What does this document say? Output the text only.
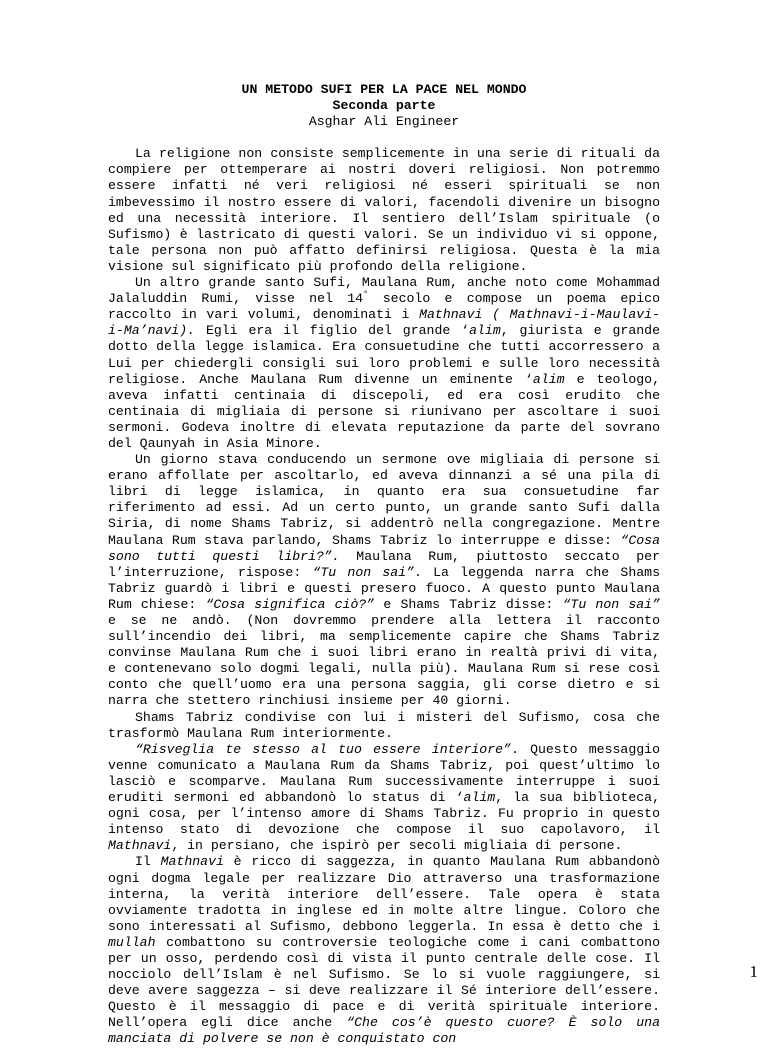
UN METODO SUFI PER LA PACE NEL MONDO
Seconda parte
Asghar Ali Engineer

La religione non consiste semplicemente in una serie di rituali da compiere per ottemperare ai nostri doveri religiosi. Non potremmo essere infatti né veri religiosi né esseri spirituali se non imbevessimo il nostro essere di valori, facendoli divenire un bisogno ed una necessità interiore. Il sentiero dell’Islam spirituale (o Sufismo) è lastricato di questi valori. Se un individuo vi si oppone, tale persona non può affatto definirsi religiosa. Questa è la mia visione sul significato più profondo della religione.

Un altro grande santo Sufi, Maulana Rum, anche noto come Mohammad Jalaluddin Rumi, visse nel 14° secolo e compose un poema epico raccolto in vari volumi, denominati i Mathnavi ( Mathnavi-i-Maulavi-i-Ma’navi). Egli era il figlio del grande ‘alim, giurista e grande dotto della legge islamica. Era consuetudine che tutti accorressero a Lui per chiedergli consigli sui loro problemi e sulle loro necessità religiose. Anche Maulana Rum divenne un eminente ‘alim e teologo, aveva infatti centinaia di discepoli, ed era così erudito che centinaia di migliaia di persone si riunivano per ascoltare i suoi sermoni. Godeva inoltre di elevata reputazione da parte del sovrano del Qaunyah in Asia Minore.

Un giorno stava conducendo un sermone ove migliaia di persone si erano affollate per ascoltarlo, ed aveva dinnanzi a sé una pila di libri di legge islamica, in quanto era sua consuetudine far riferimento ad essi. Ad un certo punto, un grande santo Sufi dalla Siria, di nome Shams Tabriz, si addentrò nella congregazione. Mentre Maulana Rum stava parlando, Shams Tabriz lo interruppe e disse: “Cosa sono tutti questi libri?”. Maulana Rum, piuttosto seccato per l’interruzione, rispose: “Tu non sai”. La leggenda narra che Shams Tabriz guardò i libri e questi presero fuoco. A questo punto Maulana Rum chiese: “Cosa significa ciò?” e Shams Tabriz disse: “Tu non sai” e se ne andò. (Non dovremmo prendere alla lettera il racconto sull’incendio dei libri, ma semplicemente capire che Shams Tabriz convinse Maulana Rum che i suoi libri erano in realtà privi di vita, e contenevano solo dogmi legali, nulla più). Maulana Rum si rese così conto che quell’uomo era una persona saggia, gli corse dietro e si narra che stettero rinchiusi insieme per 40 giorni.

Shams Tabriz condivise con lui i misteri del Sufismo, cosa che trasformò Maulana Rum interiormente.

“Risveglia te stesso al tuo essere interiore”. Questo messaggio venne comunicato a Maulana Rum da Shams Tabriz, poi quest’ultimo lo lasciò e scomparve. Maulana Rum successivamente interruppe i suoi eruditi sermoni ed abbandonò lo status di ‘alim, la sua biblioteca, ogni cosa, per l’intenso amore di Shams Tabriz. Fu proprio in questo intenso stato di devozione che compose il suo capolavoro, il Mathnavi, in persiano, che ispirò per secoli migliaia di persone.

Il Mathnavi è ricco di saggezza, in quanto Maulana Rum abbandonò ogni dogma legale per realizzare Dio attraverso una trasformazione interna, la verità interiore dell’essere. Tale opera è stata ovviamente tradotta in inglese ed in molte altre lingue. Coloro che sono interessati al Sufismo, debbono leggerla. In essa è detto che i mullah combattono su controversie teologiche come i cani combattono per un osso, perdendo così di vista il punto centrale delle cose. Il nocciolo dell’Islam è nel Sufismo. Se lo si vuole raggiungere, si deve avere saggezza – si deve realizzare il Sé interiore dell’essere. Questo è il messaggio di pace e di verità spirituale interiore. Nell’opera egli dice anche “Che cos’è questo cuore? È solo una manciata di polvere se non è conquistato con

1
